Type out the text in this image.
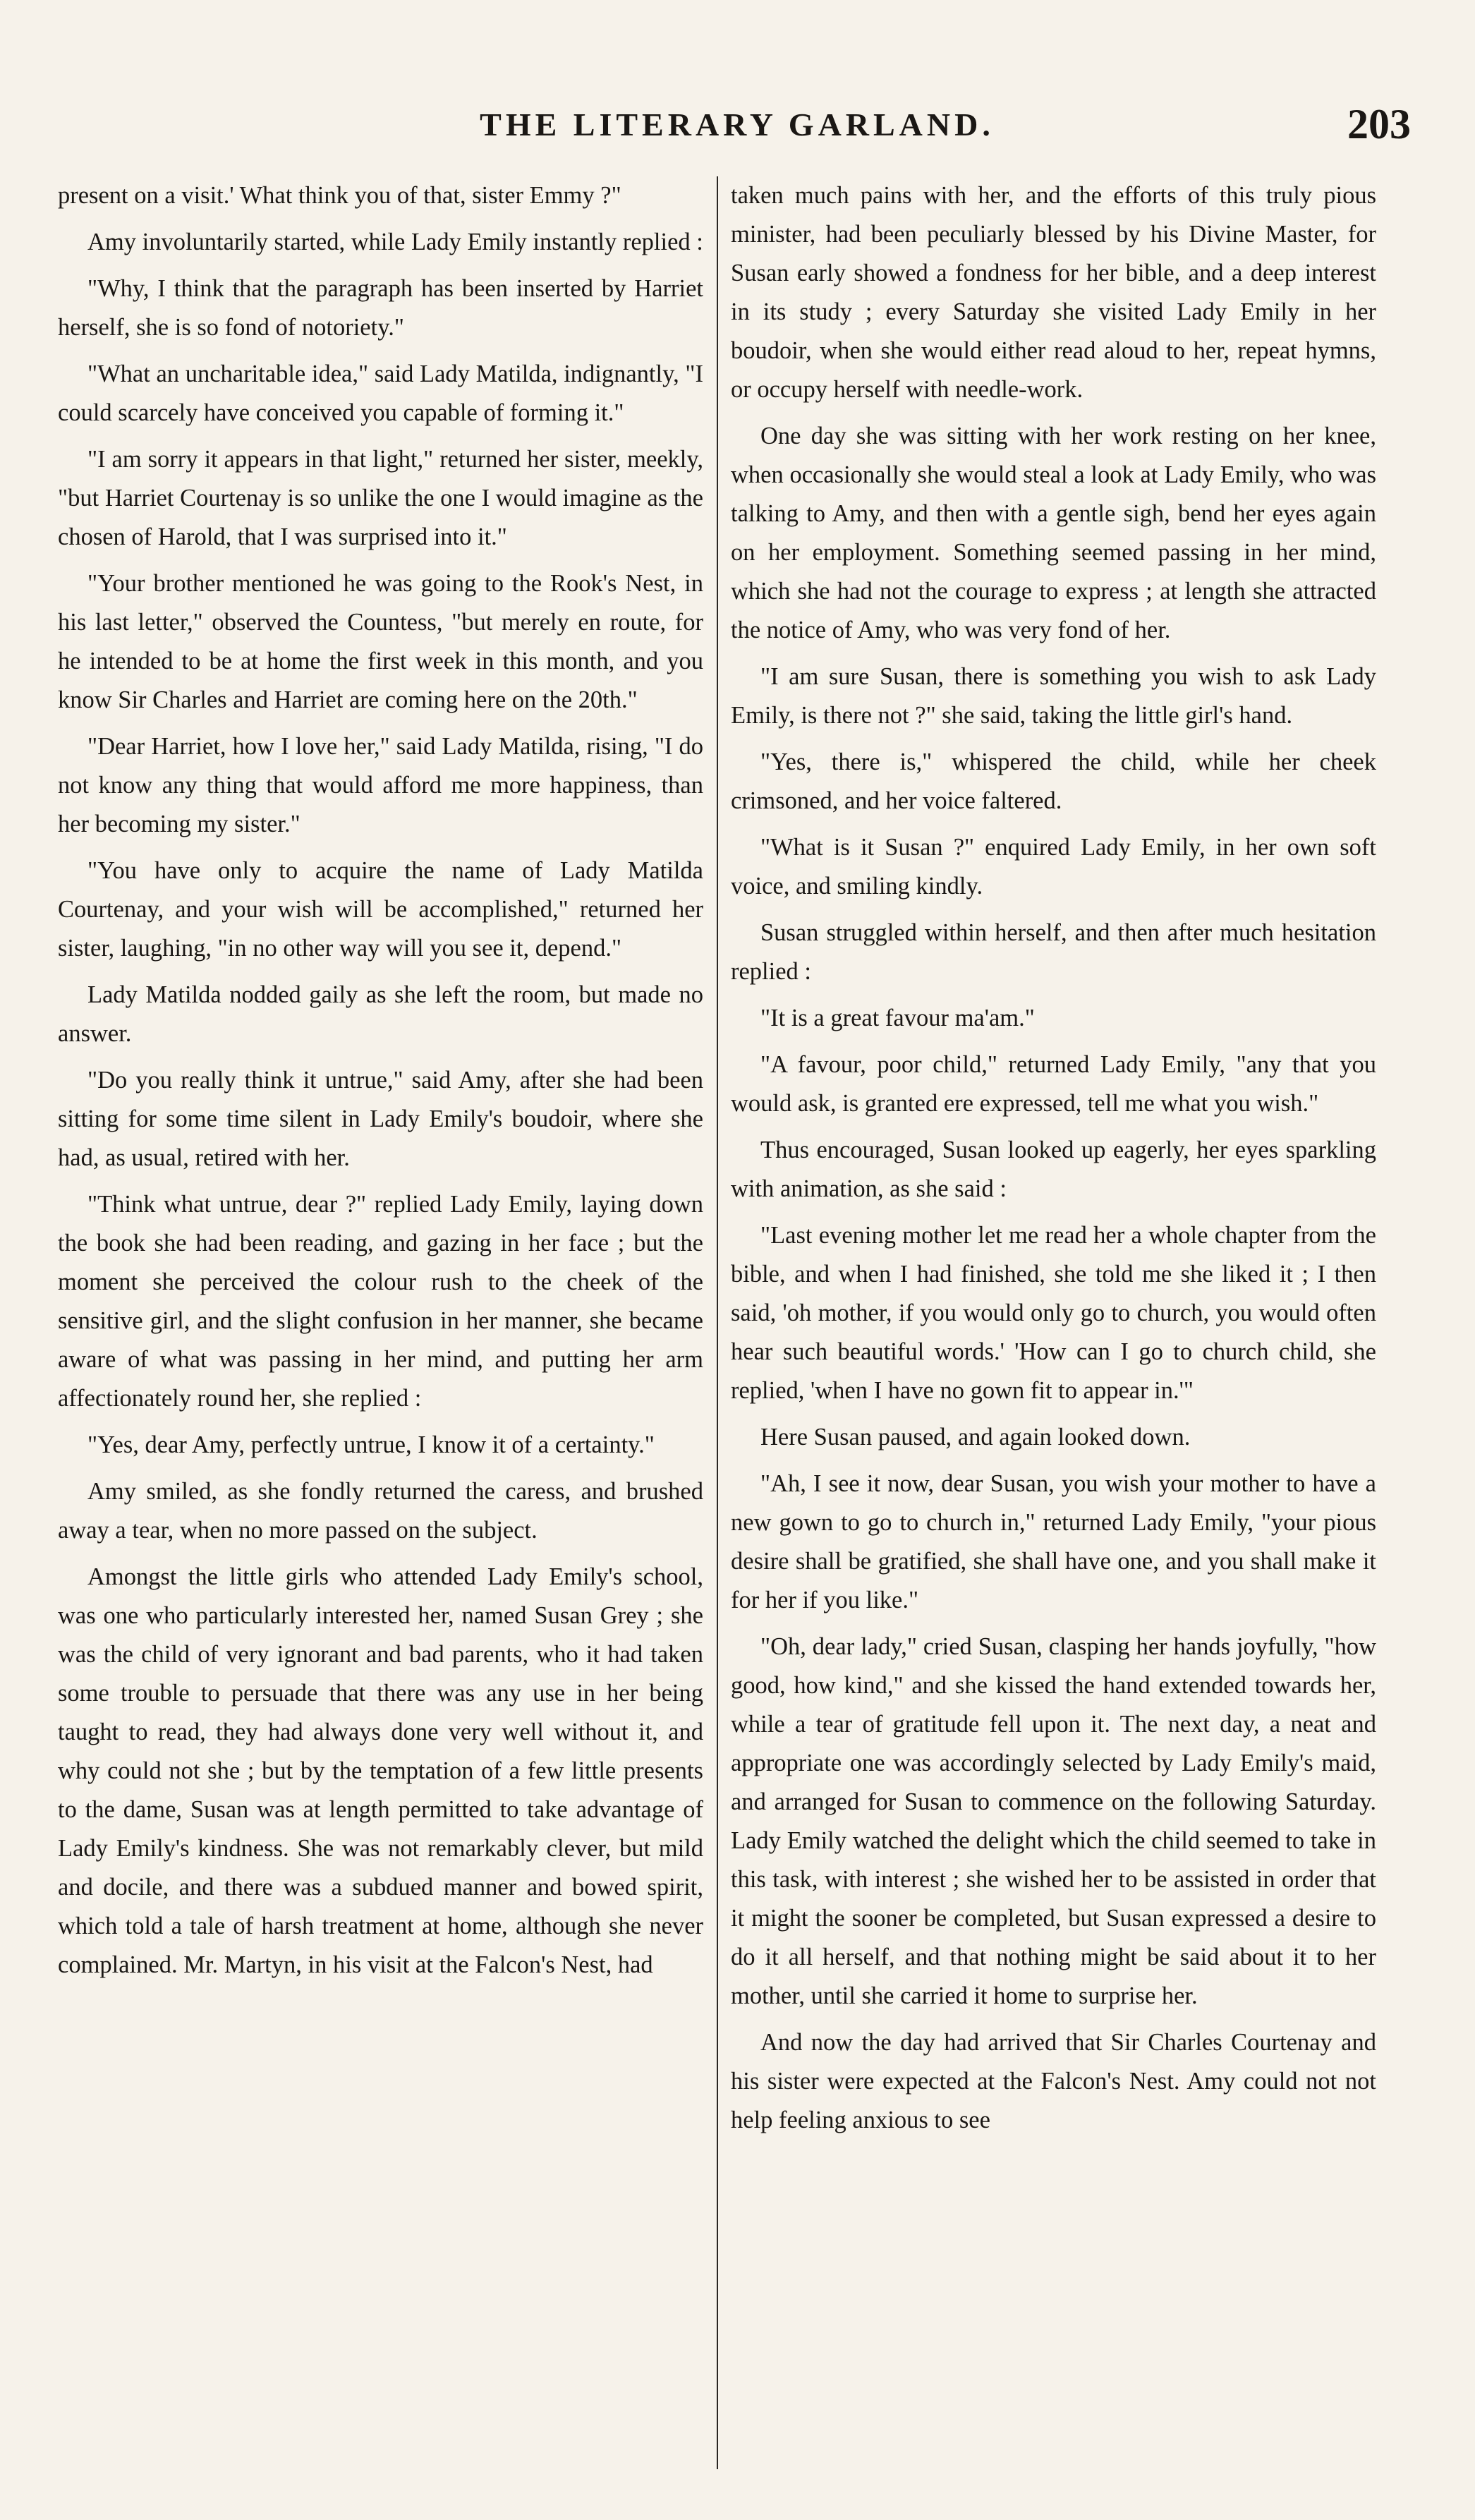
THE LITERARY GARLAND.	203

present on a visit.' What think you of that, sister Emmy ?"

Amy involuntarily started, while Lady Emily instantly replied :

"Why, I think that the paragraph has been inserted by Harriet herself, she is so fond of notoriety."

"What an uncharitable idea," said Lady Matilda, indignantly, "I could scarcely have conceived you capable of forming it."

"I am sorry it appears in that light," returned her sister, meekly, "but Harriet Courtenay is so unlike the one I would imagine as the chosen of Harold, that I was surprised into it."

"Your brother mentioned he was going to the Rook's Nest, in his last letter," observed the Countess, "but merely en route, for he intended to be at home the first week in this month, and you know Sir Charles and Harriet are coming here on the 20th."

"Dear Harriet, how I love her," said Lady Matilda, rising, "I do not know any thing that would afford me more happiness, than her becoming my sister."

"You have only to acquire the name of Lady Matilda Courtenay, and your wish will be accomplished," returned her sister, laughing, "in no other way will you see it, depend."

Lady Matilda nodded gaily as she left the room, but made no answer.

"Do you really think it untrue," said Amy, after she had been sitting for some time silent in Lady Emily's boudoir, where she had, as usual, retired with her.

"Think what untrue, dear ?" replied Lady Emily, laying down the book she had been reading, and gazing in her face ; but the moment she perceived the colour rush to the cheek of the sensitive girl, and the slight confusion in her manner, she became aware of what was passing in her mind, and putting her arm affectionately round her, she replied :

"Yes, dear Amy, perfectly untrue, I know it of a certainty."

Amy smiled, as she fondly returned the caress, and brushed away a tear, when no more passed on the subject.

Amongst the little girls who attended Lady Emily's school, was one who particularly interested her, named Susan Grey ; she was the child of very ignorant and bad parents, who it had taken some trouble to persuade that there was any use in her being taught to read, they had always done very well without it, and why could not she ; but by the temptation of a few little presents to the dame, Susan was at length permitted to take advantage of Lady Emily's kindness. She was not remarkably clever, but mild and docile, and there was a subdued manner and bowed spirit, which told a tale of harsh treatment at home, although she never complained. Mr. Martyn, in his visit at the Falcon's Nest, had

taken much pains with her, and the efforts of this truly pious minister, had been peculiarly blessed by his Divine Master, for Susan early showed a fondness for her bible, and a deep interest in its study ; every Saturday she visited Lady Emily in her boudoir, when she would either read aloud to her, repeat hymns, or occupy herself with needle-work.

One day she was sitting with her work resting on her knee, when occasionally she would steal a look at Lady Emily, who was talking to Amy, and then with a gentle sigh, bend her eyes again on her employment. Something seemed passing in her mind, which she had not the courage to express ; at length she attracted the notice of Amy, who was very fond of her.

"I am sure Susan, there is something you wish to ask Lady Emily, is there not ?" she said, taking the little girl's hand.

"Yes, there is," whispered the child, while her cheek crimsoned, and her voice faltered.

"What is it Susan ?" enquired Lady Emily, in her own soft voice, and smiling kindly.

Susan struggled within herself, and then after much hesitation replied :

"It is a great favour ma'am."

"A favour, poor child," returned Lady Emily, "any that you would ask, is granted ere expressed, tell me what you wish."

Thus encouraged, Susan looked up eagerly, her eyes sparkling with animation, as she said :

"Last evening mother let me read her a whole chapter from the bible, and when I had finished, she told me she liked it ; I then said, 'oh mother, if you would only go to church, you would often hear such beautiful words.' 'How can I go to church child, she replied, 'when I have no gown fit to appear in.'"

Here Susan paused, and again looked down.

"Ah, I see it now, dear Susan, you wish your mother to have a new gown to go to church in," returned Lady Emily, "your pious desire shall be gratified, she shall have one, and you shall make it for her if you like."

"Oh, dear lady," cried Susan, clasping her hands joyfully, "how good, how kind," and she kissed the hand extended towards her, while a tear of gratitude fell upon it. The next day, a neat and appropriate one was accordingly selected by Lady Emily's maid, and arranged for Susan to commence on the following Saturday. Lady Emily watched the delight which the child seemed to take in this task, with interest ; she wished her to be assisted in order that it might the sooner be completed, but Susan expressed a desire to do it all herself, and that nothing might be said about it to her mother, until she carried it home to surprise her.

And now the day had arrived that Sir Charles Courtenay and his sister were expected at the Falcon's Nest. Amy could not not help feeling anxious to see
